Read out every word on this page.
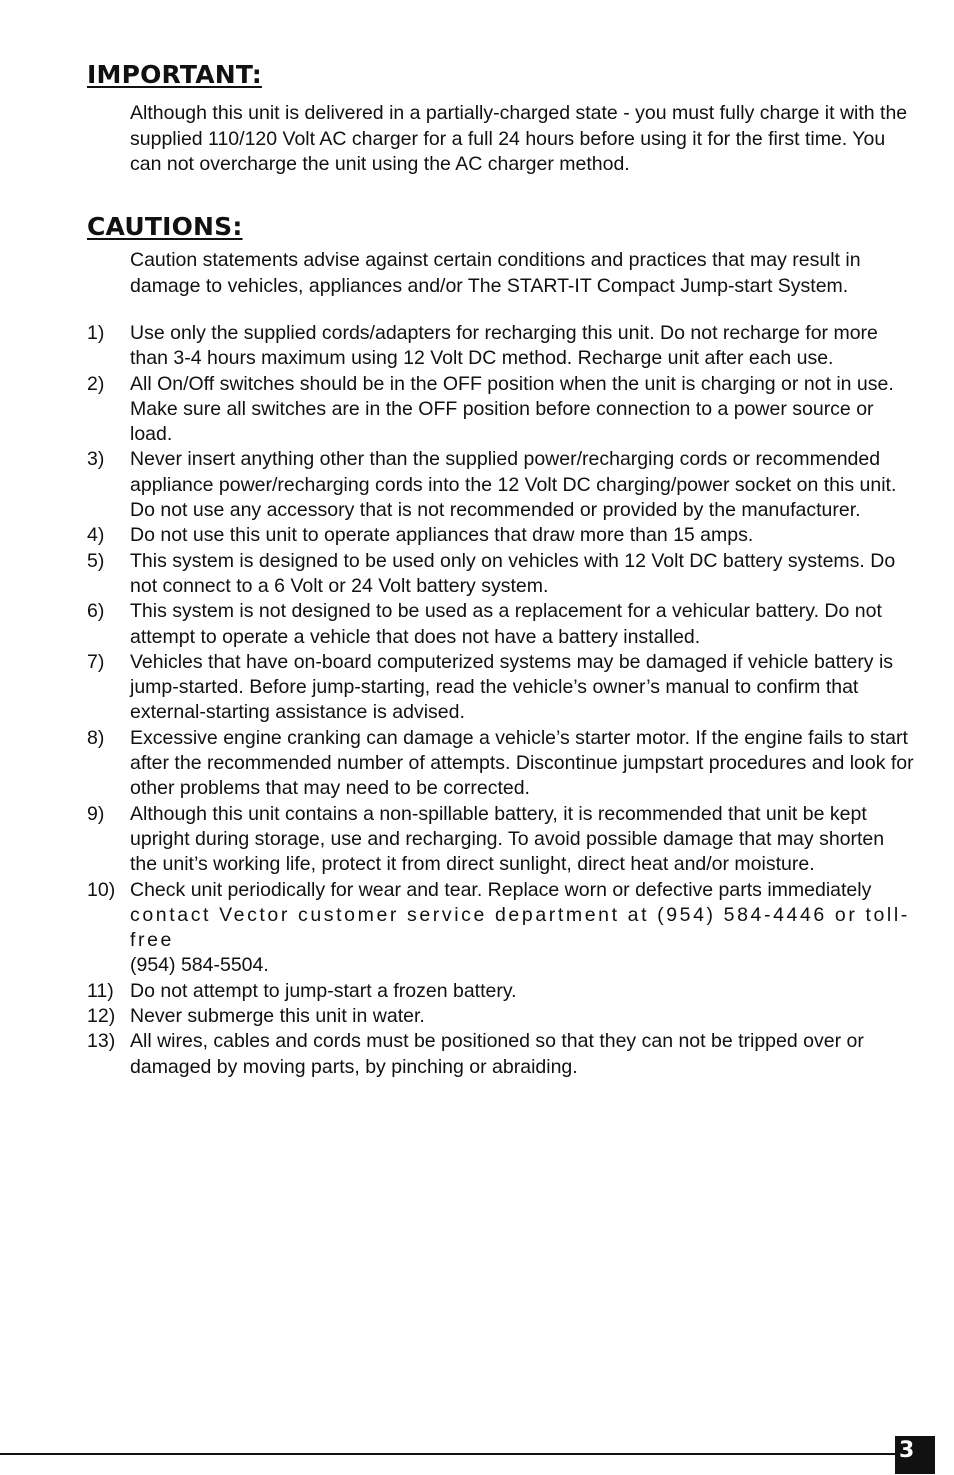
IMPORTANT:

Although this unit is delivered in a partially-charged state - you must fully charge it with the supplied 110/120 Volt AC charger for a full 24 hours before using it for the first time. You can not overcharge the unit using the AC charger method.

CAUTIONS:

Caution statements advise against certain conditions and practices that may result in damage to vehicles, appliances and/or The START-IT Compact Jump-start System.

1)	Use only the supplied cords/adapters for recharging this unit. Do not recharge for more than 3-4 hours maximum using 12 Volt DC method. Recharge unit after each use.
2)	All On/Off switches should be in the OFF position when the unit is charging or not in use. Make sure all switches are in the OFF position before connection to a power source or load.
3)	Never insert anything other than the supplied power/recharging cords or recommended appliance power/recharging cords into the 12 Volt DC charging/power socket on this unit. Do not use any accessory that is not recommended or provided by the manufacturer.
4)	Do not use this unit to operate appliances that draw more than 15 amps.
5)	This system is designed to be used only on vehicles with 12 Volt DC battery systems. Do not connect to a 6 Volt or 24 Volt battery system.
6)	This system is not designed to be used as a replacement for a vehicular battery. Do not attempt to operate a vehicle that does not have a battery installed.
7)	Vehicles that have on-board computerized systems may be damaged if vehicle battery is jump-started. Before jump-starting, read the vehicle’s owner’s manual to confirm that external-starting assistance is advised.
8)	Excessive engine cranking can damage a vehicle’s starter motor. If the engine fails to start after the recommended number of attempts. Discontinue jumpstart procedures and look for other problems that may need to be corrected.
9)	Although this unit contains a non-spillable battery, it is recommended that unit be kept upright during storage, use and recharging. To avoid possible damage that may shorten the unit’s working life, protect it from direct sunlight, direct heat and/or moisture.
10) Check unit periodically for wear and tear. Replace worn or defective parts immediately
contact Vector customer service department at (954) 584-4446 or toll-free
(954) 584-5504.
11) Do not attempt to jump-start a frozen battery.
12) Never submerge this unit in water.
13) All wires, cables and cords must be positioned so that they can not be tripped over or damaged by moving parts, by pinching or abraiding.
3
